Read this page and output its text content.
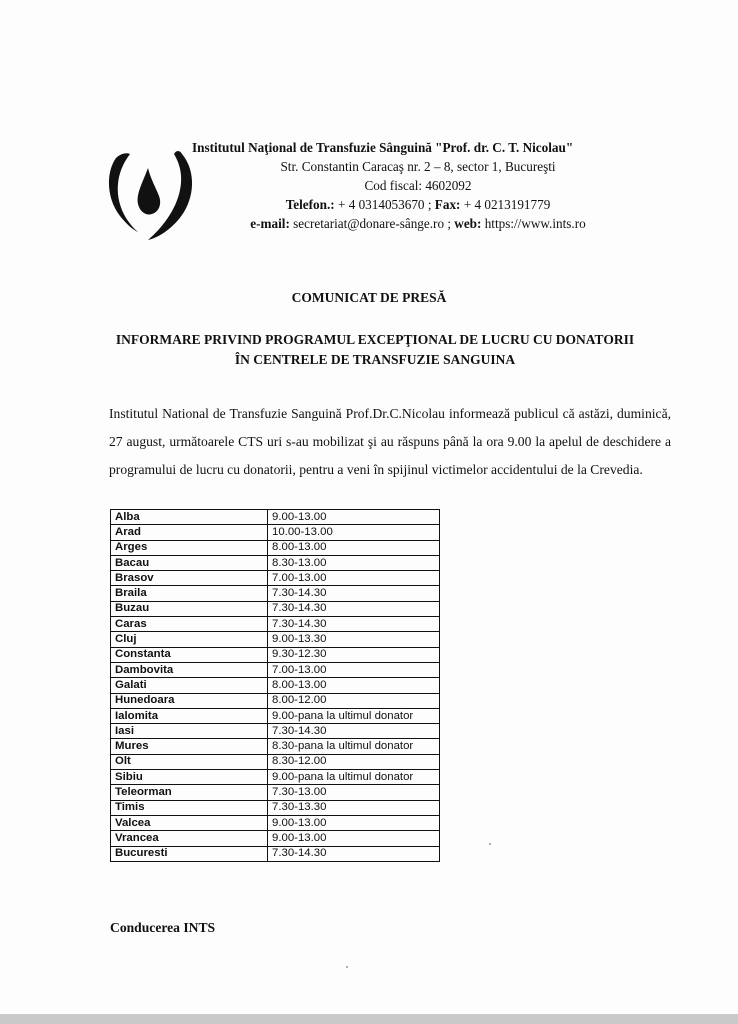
Institutul Naţional de Transfuzie Sânguină "Prof. dr. C. T. Nicolau"
Str. Constantin Caracaş nr. 2 – 8, sector 1, Bucureşti
Cod fiscal: 4602092
Telefon.: + 4 0314053670 ; Fax: + 4 0213191779
e-mail: secretariat@donare-sânge.ro ; web: https://www.ints.ro
COMUNICAT DE PRESĂ
INFORMARE PRIVIND PROGRAMUL EXCEPŢIONAL DE LUCRU CU DONATORII ÎN CENTRELE DE TRANSFUZIE SANGUINA
Institutul National de Transfuzie Sanguină Prof.Dr.C.Nicolau informează publicul că astăzi, duminică, 27 august, următoarele CTS uri s-au mobilizat şi au răspuns până la ora 9.00 la apelul de deschidere a programului de lucru cu donatorii, pentru a veni în spijinul victimelor accidentului de la Crevedia.
Alba	9.00-13.00
Arad	10.00-13.00
Arges	8.00-13.00
Bacau	8.30-13.00
Brasov	7.00-13.00
Braila	7.30-14.30
Buzau	7.30-14.30
Caras	7.30-14.30
Cluj	9.00-13.30
Constanta	9.30-12.30
Dambovita	7.00-13.00
Galati	8.00-13.00
Hunedoara	8.00-12.00
Ialomita	9.00-pana la ultimul donator
Iasi	7.30-14.30
Mures	8.30-pana la ultimul donator
Olt	8.30-12.00
Sibiu	9.00-pana la ultimul donator
Teleorman	7.30-13.00
Timis	7.30-13.30
Valcea	9.00-13.00
Vrancea	9.00-13.00
Bucuresti	7.30-14.30
Conducerea INTS
